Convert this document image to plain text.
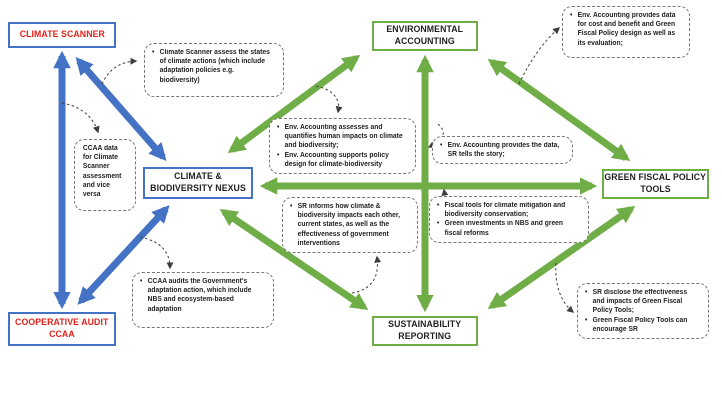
CLIMATE SCANNER	ENVIRONMENTAL
ACCOUNTING
CLIMATE &
BIODIVERSITY NEXUS
GREEN FISCAL POLICY
TOOLS
COOPERATIVE AUDIT
CCAA
SUSTAINABILITY
REPORTING
• Climate Scanner assess the states of climate actions (which include adaptation policies e.g. biodiversity)
• Env. Accounting provides data for cost and benefit and Green Fiscal Policy design as well as its evaluation;
CCAA data for Climate Scanner assessment and vice versa
• Env. Accounting assesses and quantifies human impacts on climate and biodiversity;
• Env. Accounting supports policy design for climate-biodiversity
• Env. Accounting provides the data, SR tells the story;
• SR informs how climate & biodiversity impacts each other, current states, as well as the effectiveness of government interventions
• Fiscal tools for climate mitigation and biodiversity conservation;
• Green investments in NBS and green fiscal reforms
• CCAA audits the Government's adaptation action, which include NBS and ecosystem-based adaptation
• SR disclose the effectiveness and impacts of Green Fiscal Policy Tools;
• Green Fiscal Policy Tools can encourage SR
